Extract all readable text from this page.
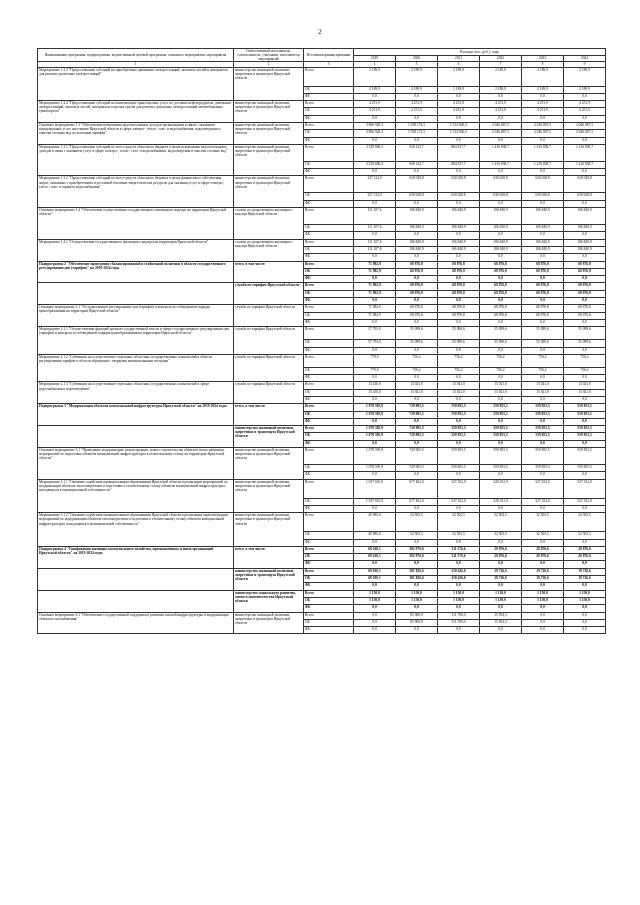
2
Наименование программы, подпрограммы, ведомственной целевой программы, основного мероприятия, мероприятия	Ответственный исполнитель, соисполнитель, участники, исполнители мероприятий	Источники финансирования	Расходы (тыс. руб.), годы					
			2019	2020	2021	2022	2023	2024
1	2	3	4	5	6	7	8	9
Мероприятие 1.2.3 "Предоставление субсидий на приобретение движимых электростанций, запасных частей и материалов для ремонта дизельных электростанций"	министерство жилищной политики, энергетики и транспорта Иркутской области	Всего	2 189,9	2 189,9	2 189,9	2 189,9	2 189,9	2 189,9
		ОБ	2 189,9	2 189,9	2 189,9	2 189,9	2 189,9	2 189,9
		ФБ	0,0	0,0	0,0	0,0	0,0	0,0
Мероприятие 1.2.4 "Предоставление субсидий на компенсацию транспортных услуг по доставке нефтепродуктов, дизельных электростанций, запасных частей, материалов и прочих грузов для ремонта дизельных электростанций автомобильным транспортом"	министерство жилищной политики, энергетики и транспорта Иркутской области	Всего	4 251,9	4 251,9	4 251,9	4 251,9	4 251,9	4 251,9
		ОБ	4 251,9	4 251,9	4 251,9	4 251,9	4 251,9	4 251,9
		ФБ	0,0	0,0	0,0	0,0	0,0	0,0
Основное мероприятие 1.3 "Обеспечение возмещения недополученных доходов организациям в связи с оказанием коммунальных услуг населению Иркутской области в сфере электро-, тепло-, газо- и водоснабжения, водоотведения и очистки сточных вод по льготным тарифам"	министерство жилищной политики, энергетики и транспорта Иркутской области	Всего	3 866 928,3	1 558 172,5	1 514 846,5	2 046 867,5	2 046 867,5	2 046 867,5
		ОБ	3 866 928,3	1 558 172,5	1 514 846,5	2 046 867,5	2 046 867,5	2 046 867,5
		ФБ	0,0	0,0	0,0	0,0	0,0	0,0
Мероприятие 1.3.1 "Предоставление субсидий из этого средств областного бюджета в целях возмещения недополученных доходов в связи с оказанием услуг в сфере электро-, тепло-, газо- и водоснабжения, водоотведения и очистки сточных вод"	министерство жилищной политики, энергетики и транспорта Иркутской области	Всего	3 529 696,3	928 143,7	884 817,7	1 416 838,7	1 416 838,7	1 416 838,7
		ОБ	3 529 696,3	928 143,7	884 817,7	1 416 838,7	1 416 838,7	1 416 838,7
		ФБ	0,0	0,0	0,0	0,0	0,0	0,0
Мероприятие 1.3.2 "Предоставление субсидий из этого средств областного бюджета в целях финансового обеспечения затрат, связанных с приобретением и доставкой топливно-энергетических ресурсов для оказания услуг в сфере электро-, тепло-, газо- и горячего водоснабжения"	министерство жилищной политики, энергетики и транспорта Иркутской области	Всего	337 132,0	630 028,8	630 028,8	630 028,8	630 028,8	630 028,8
		ОБ	337 132,0	630 028,8	630 028,8	630 028,8	630 028,8	630 028,8
		ФБ	0,0	0,0	0,0	0,0	0,0	0,0
Основное мероприятие 1.4 "Обеспечение осуществления государственного жилищного надзора на территории Иркутской области"	служба государственного жилищного надзора Иркутской области	Всего	111 107,6	106 840,9	106 840,9	106 840,9	106 840,9	106 840,9
		ОБ	111 107,6	106 840,9	106 840,9	106 840,9	106 840,9	106 840,9
		ФБ	0,0	0,0	0,0	0,0	0,0	0,0
Мероприятие 1.4.1 "Осуществление государственного жилищного надзора на территории Иркутской области"	служба государственного жилищного надзора Иркутской области	Всего	111 107,6	106 840,9	106 840,9	106 840,9	106 840,9	106 840,9
		ОБ	111 107,6	106 840,9	106 840,9	106 840,9	106 840,9	106 840,9
		ФБ	0,0	0,0	0,0	0,0	0,0	0,0
Подпрограмма 2 "Обеспечение проведения сбалансированной и стабильной политики в области государственного регулирования цен (тарифов)" на 2019-2024 годы	всего, в том числе:	Всего	71 982,9	68 876,8	68 876,8	68 876,8	68 876,8	68 876,8
		ОБ	71 982,9	68 876,8	68 876,8	68 876,8	68 876,8	68 876,8
		ФБ	0,0	0,0	0,0	0,0	0,0	0,0
	служба по тарифам Иркутской области	Всего	71 982,9	68 876,8	68 876,8	68 876,8	68 876,8	68 876,8
		ОБ	71 982,9	68 876,8	68 876,8	68 876,8	68 876,8	68 876,8
		ФБ	0,0	0,0	0,0	0,0	0,0	0,0
Основное мероприятие 2.1 "Государственное регулирование цен (тарифов) и контроля за соблюдением порядка ценообразования на территории Иркутской области"	служба по тарифам Иркутской области	Всего	71 982,9	68 876,8	68 876,8	68 876,8	68 876,8	68 876,8
		ОБ	71 982,9	68 876,8	68 876,8	68 876,8	68 876,8	68 876,8
		ФБ	0,0	0,0	0,0	0,0	0,0	0,0
Мероприятие 2.1.1 "Осуществление функций органов государственной власти в сфере государственного регулирования цен (тарифов) и контроля за соблюдением порядка ценообразования на территории Иркутской области"	служба по тарифам Иркутской области	Всего	57 793,0	55 099,6	55 099,6	55 099,6	55 099,6	55 099,6
		ОБ	57 793,0	55 099,6	55 099,6	55 099,6	55 099,6	55 099,6
		ФБ	0,0	0,0	0,0	0,0	0,0	0,0
Мероприятие 2.1.2 "Субвенции на осуществление отдельных областных государственных полномочий в области регулирования тарифов в области обращения с твердыми коммунальными отходами"	служба по тарифам Иркутской области	Всего	779,9	756,2	756,2	756,2	756,2	756,2
		ОБ	779,9	756,2	756,2	756,2	756,2	756,2
		ФБ	0,0	0,0	0,0	0,0	0,0	0,0
Мероприятие 2.1.3 "Субвенции на осуществление отдельных областных государственных полномочий в сфере водоснабжения и водоотведения"	служба по тарифам Иркутской области	Всего	13 410,0	13 021,0	13 021,0	13 021,0	13 021,0	13 021,0
		ОБ	13 410,0	13 021,0	13 021,0	13 021,0	13 021,0	13 021,0
		ФБ	0,0	0,0	0,0	0,0	0,0	0,0
Подпрограмма 3 "Модернизация объектов коммунальной инфраструктуры Иркутской области" на 2019-2024 годы	всего, в том числе:	Всего	1 078 595,9	729 905,5	559 855,5	559 855,5	559 855,5	559 855,5
		ОБ	1 078 595,9	729 905,5	559 855,5	559 855,5	559 855,5	559 855,5
		ФБ	0,0	0,0	0,0	0,0	0,0	0,0
	министерство жилищной политики, энергетики и транспорта Иркутской области	Всего	1 078 595,9	729 905,5	559 855,5	559 855,5	559 855,5	559 855,5
		ОБ	1 078 595,9	729 905,5	559 855,5	559 855,5	559 855,5	559 855,5
		ФБ	0,0	0,0	0,0	0,0	0,0	0,0
Основное мероприятие 3.1 "Проведение модернизации, реконструкции, нового строительства объектов теплоснабжения, мероприятий по подготовке объектов коммунальной инфраструктуры к отопительному сезону на территории Иркутской области"	министерство жилищной политики, энергетики и транспорта Иркутской области	Всего	1 078 595,9	729 905,5	559 855,5	559 855,5	559 855,5	559 855,5
		ОБ	1 078 595,9	729 905,5	559 855,5	559 855,5	559 855,5	559 855,5
		ФБ	0,0	0,0	0,0	0,0	0,0	0,0
Мероприятие 3.1.1 "Оказание содействия муниципальным образованиям Иркутской области в реализации мероприятий по модернизации объектов теплоэнергетики и подготовке к отопительному сезону объектов коммунальной инфраструктуры, находящихся в муниципальной собственности"	министерство жилищной политики, энергетики и транспорта Иркутской области	Всего	1 037 610,9	677 402,0	527 352,0	528 352,0	527 352,0	527 352,0
		ОБ	1 037 610,9	677 402,0	527 352,0	528 352,0	527 352,0	527 352,0
		ФБ	0,0	0,0	0,0	0,0	0,0	0,0
Мероприятие 3.1.2 "Оказание содействия муниципальным образованиям Иркутской области в реализации первоочередных мероприятий по модернизации объектов теплоэнергетики и подготовке к отопительному сезону объектов коммунальной инфраструктуры, находящихся в муниципальной собственности"	министерство жилищной политики, энергетики и транспорта Иркутской области	Всего	40 985,0	52 503,5	32 503,5	32 503,5	32 503,5	32 503,5
		ОБ	40 985,0	52 503,5	32 503,5	32 503,5	32 503,5	32 503,5
		ФБ	0,0	0,0	0,0	0,0	0,0	0,0
Подпрограмма 4 "Газификация жилищно-коммунального хозяйства, промышленных и иных организаций Иркутской области" на 2019-2024 годы	всего, в том числе:	Всего	69 160,1	382 976,6	311 576,6	20 876,6	20 876,6	20 876,6
		ОБ	69 160,1	382 976,6	311 576,6	20 876,6	20 876,6	20 876,6
		ФБ	0,0	0,0	0,0	0,0	0,0	0,0
	министерство жилищной политики, энергетики и транспорта Иркутской области	Всего	68 010,1	381 826,6	310 426,6	19 726,6	19 726,6	19 726,6
		ОБ	68 010,1	381 826,6	310 426,6	19 726,6	19 726,6	19 726,6
		ФБ	0,0	0,0	0,0	0,0	0,0	0,0
	министерство социального развития, опеки и попечительства Иркутской области	Всего	1 150,0	1 150,0	1 150,0	1 150,0	1 150,0	1 150,0
		ОБ	1 150,0	1 150,0	1 150,0	1 150,0	1 150,0	1 150,0
		ФБ	0,0	0,0	0,0	0,0	0,0	0,0
Основное мероприятие 4.1 "Обеспечение государственной поддержки в развитии газовой инфраструктуры и модернизации объектов газоснабжения"	министерство жилищной политики, энергетики и транспорта Иркутской области	Всего	0,0	85 900,0	111 700,0	15 954,3	0,0	0,0
		ОБ	0,0	85 900,0	111 700,0	15 954,3	0,0	0,0
		ФБ	0,0	0,0	0,0	0,0	0,0	0,0
